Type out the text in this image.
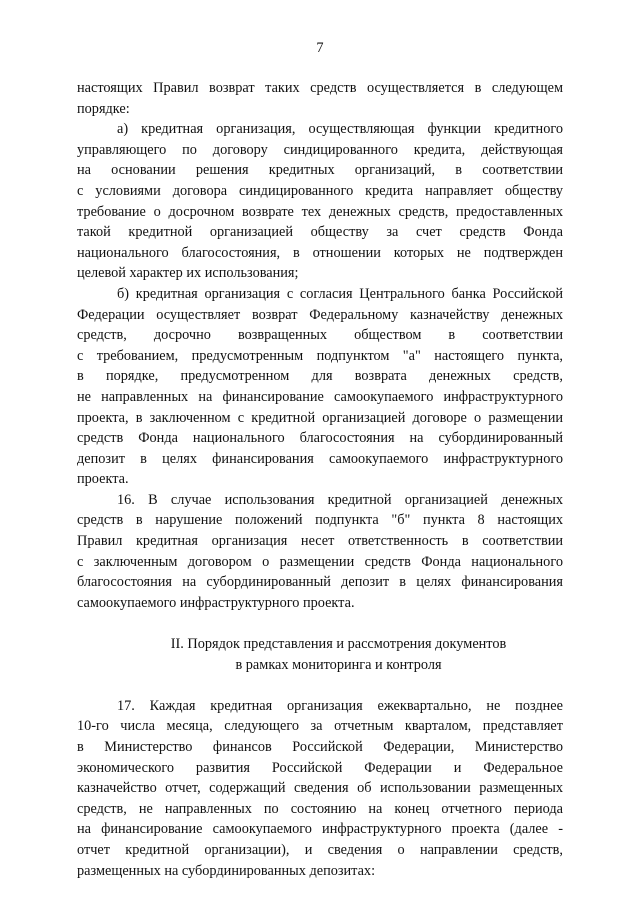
7
настоящих Правил возврат таких средств осуществляется в следующем
порядке:
а) кредитная организация, осуществляющая функции кредитного
управляющего по договору синдицированного кредита, действующая
на основании решения кредитных организаций, в соответствии
с условиями договора синдицированного кредита направляет обществу
требование о досрочном возврате тех денежных средств, предоставленных
такой кредитной организацией обществу за счет средств Фонда
национального благосостояния, в отношении которых не подтвержден
целевой характер их использования;
б) кредитная организация с согласия Центрального банка Российской
Федерации осуществляет возврат Федеральному казначейству денежных
средств, досрочно возвращенных обществом в соответствии
с требованием, предусмотренным подпунктом "а" настоящего пункта,
в порядке, предусмотренном для возврата денежных средств,
не направленных на финансирование самоокупаемого инфраструктурного
проекта, в заключенном с кредитной организацией договоре о размещении
средств Фонда национального благосостояния на субординированный
депозит в целях финансирования самоокупаемого инфраструктурного
проекта.
16. В случае использования кредитной организацией денежных
средств в нарушение положений подпункта "б" пункта 8 настоящих
Правил кредитная организация несет ответственность в соответствии
с заключенным договором о размещении средств Фонда национального
благосостояния на субординированный депозит в целях финансирования
самоокупаемого инфраструктурного проекта.
II. Порядок представления и рассмотрения документов
в рамках мониторинга и контроля
17. Каждая кредитная организация ежеквартально, не позднее
10-го числа месяца, следующего за отчетным кварталом, представляет
в Министерство финансов Российской Федерации, Министерство
экономического развития Российской Федерации и Федеральное
казначейство отчет, содержащий сведения об использовании размещенных
средств, не направленных по состоянию на конец отчетного периода
на финансирование самоокупаемого инфраструктурного проекта (далее -
отчет кредитной организации), и сведения о направлении средств,
размещенных на субординированных депозитах:
